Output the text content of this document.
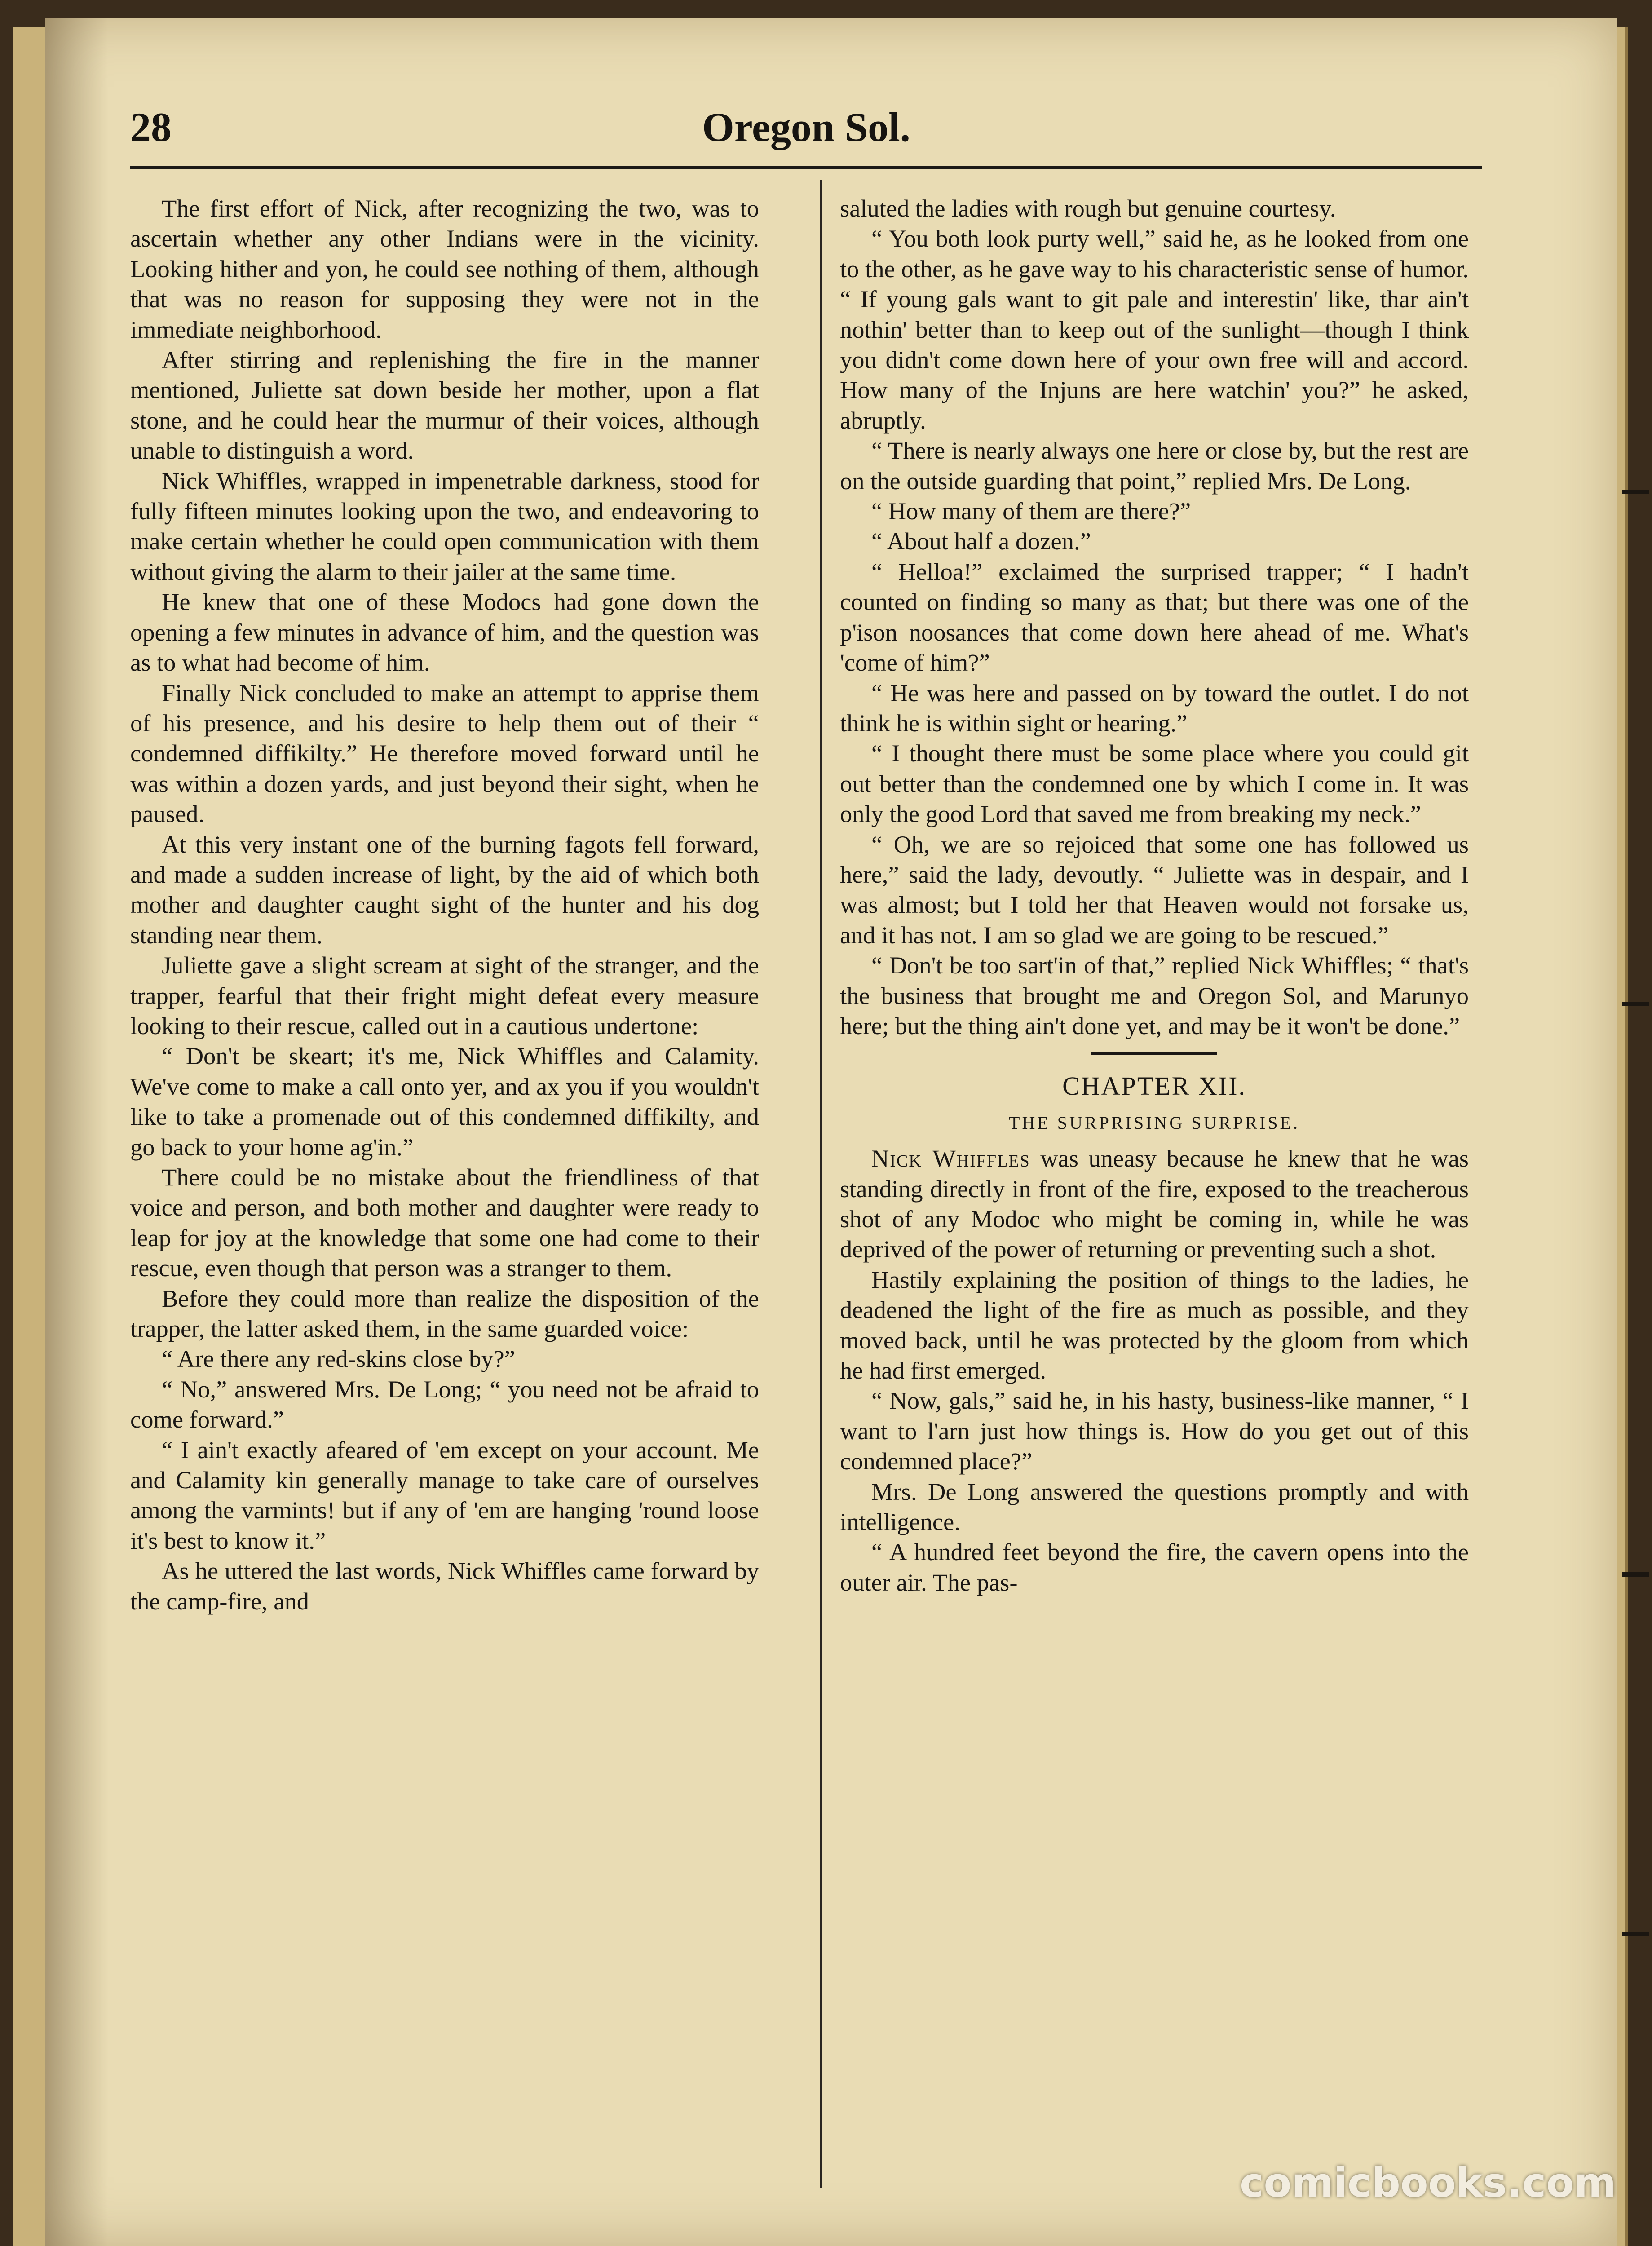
28	Oregon Sol.

The first effort of Nick, after recognizing the two, was to ascertain whether any other Indians were in the vicinity. Looking hither and yon, he could see nothing of them, although that was no reason for supposing they were not in the immediate neighborhood.

After stirring and replenishing the fire in the manner mentioned, Juliette sat down beside her mother, upon a flat stone, and he could hear the murmur of their voices, although unable to distinguish a word.

Nick Whiffles, wrapped in impenetrable darkness, stood for fully fifteen minutes looking upon the two, and endeavoring to make certain whether he could open communication with them without giving the alarm to their jailer at the same time.

He knew that one of these Modocs had gone down the opening a few minutes in advance of him, and the question was as to what had become of him.

Finally Nick concluded to make an attempt to apprise them of his presence, and his desire to help them out of their “ condemned diffikilty.” He therefore moved forward until he was within a dozen yards, and just beyond their sight, when he paused.

At this very instant one of the burning fagots fell forward, and made a sudden increase of light, by the aid of which both mother and daughter caught sight of the hunter and his dog standing near them.

Juliette gave a slight scream at sight of the stranger, and the trapper, fearful that their fright might defeat every measure looking to their rescue, called out in a cautious undertone:

“ Don't be skeart; it's me, Nick Whiffles and Calamity. We've come to make a call onto yer, and ax you if you wouldn't like to take a promenade out of this condemned diffikilty, and go back to your home ag'in.”

There could be no mistake about the friendliness of that voice and person, and both mother and daughter were ready to leap for joy at the knowledge that some one had come to their rescue, even though that person was a stranger to them.

Before they could more than realize the disposition of the trapper, the latter asked them, in the same guarded voice:

“ Are there any red-skins close by?”

“ No,” answered Mrs. De Long; “ you need not be afraid to come forward.”

“ I ain't exactly afeared of 'em except on your account. Me and Calamity kin generally manage to take care of ourselves among the varmints! but if any of 'em are hanging 'round loose it's best to know it.”

As he uttered the last words, Nick Whiffles came forward by the camp-fire, and

saluted the ladies with rough but genuine courtesy.

“ You both look purty well,” said he, as he looked from one to the other, as he gave way to his characteristic sense of humor. “ If young gals want to git pale and interestin' like, thar ain't nothin' better than to keep out of the sunlight—though I think you didn't come down here of your own free will and accord. How many of the Injuns are here watchin' you?” he asked, abruptly.

“ There is nearly always one here or close by, but the rest are on the outside guarding that point,” replied Mrs. De Long.

“ How many of them are there?”

“ About half a dozen.”

“ Helloa!” exclaimed the surprised trapper; “ I hadn't counted on finding so many as that; but there was one of the p'ison noosances that come down here ahead of me. What's 'come of him?”

“ He was here and passed on by toward the outlet. I do not think he is within sight or hearing.”

“ I thought there must be some place where you could git out better than the condemned one by which I come in. It was only the good Lord that saved me from breaking my neck.”

“ Oh, we are so rejoiced that some one has followed us here,” said the lady, devoutly. “ Juliette was in despair, and I was almost; but I told her that Heaven would not forsake us, and it has not. I am so glad we are going to be rescued.”

“ Don't be too sart'in of that,” replied Nick Whiffles; “ that's the business that brought me and Oregon Sol, and Marunyo here; but the thing ain't done yet, and may be it won't be done.”

CHAPTER XII.
THE SURPRISING SURPRISE.

Nick Whiffles was uneasy because he knew that he was standing directly in front of the fire, exposed to the treacherous shot of any Modoc who might be coming in, while he was deprived of the power of returning or preventing such a shot.

Hastily explaining the position of things to the ladies, he deadened the light of the fire as much as possible, and they moved back, until he was protected by the gloom from which he had first emerged.

“ Now, gals,” said he, in his hasty, business-like manner, “ I want to l'arn just how things is. How do you get out of this condemned place?”

Mrs. De Long answered the questions promptly and with intelligence.

“ A hundred feet beyond the fire, the cavern opens into the outer air. The pas-

comicbooks.com
